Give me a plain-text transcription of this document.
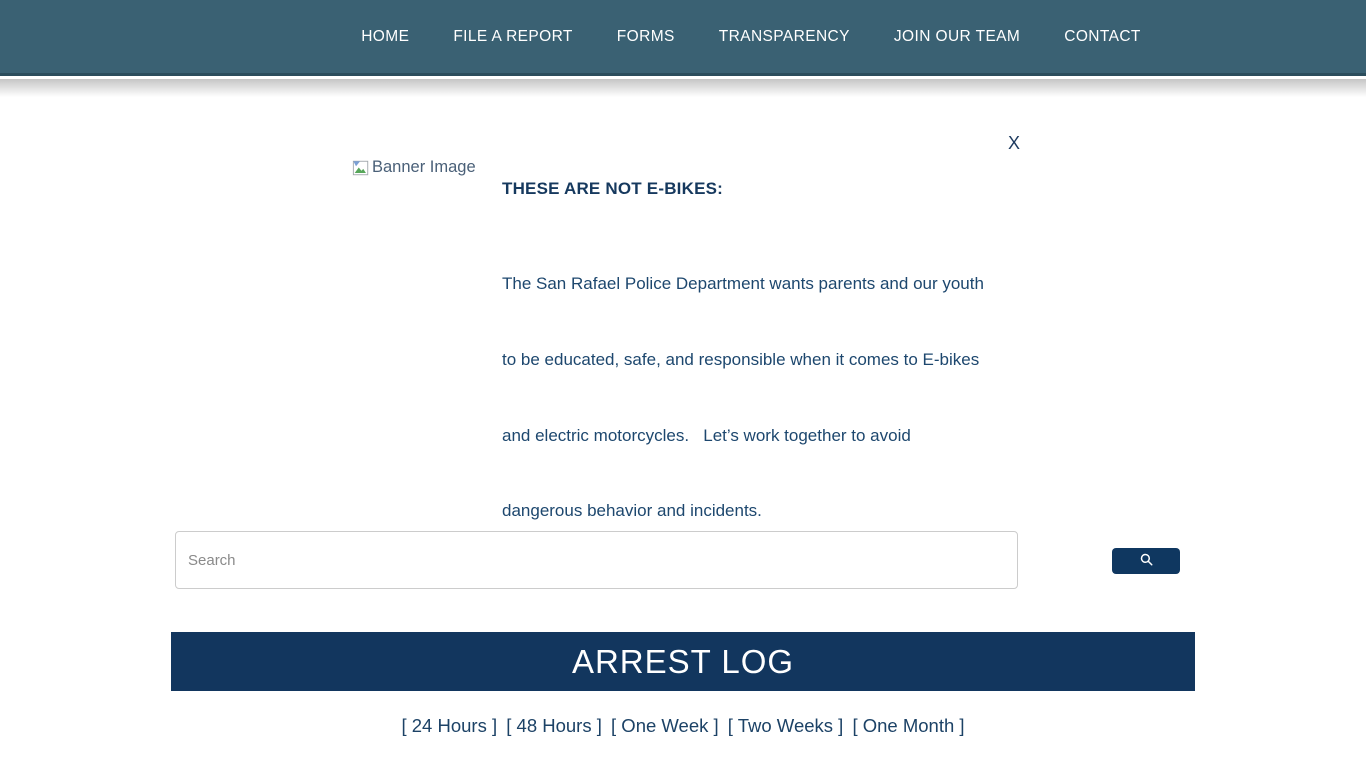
HOME	FILE A REPORT	FORMS	TRANSPARENCY	JOIN OUR TEAM	CONTACT
X
Banner Image
THESE ARE NOT E-BIKES:

The San Rafael Police Department wants parents and our youth

to be educated, safe, and responsible when it comes to E-bikes

and electric motorcycles.   Let’s work together to avoid

dangerous behavior and incidents.

Search
ARREST LOG
[ 24 Hours ] [ 48 Hours ] [ One Week ] [ Two Weeks ] [ One Month ]
